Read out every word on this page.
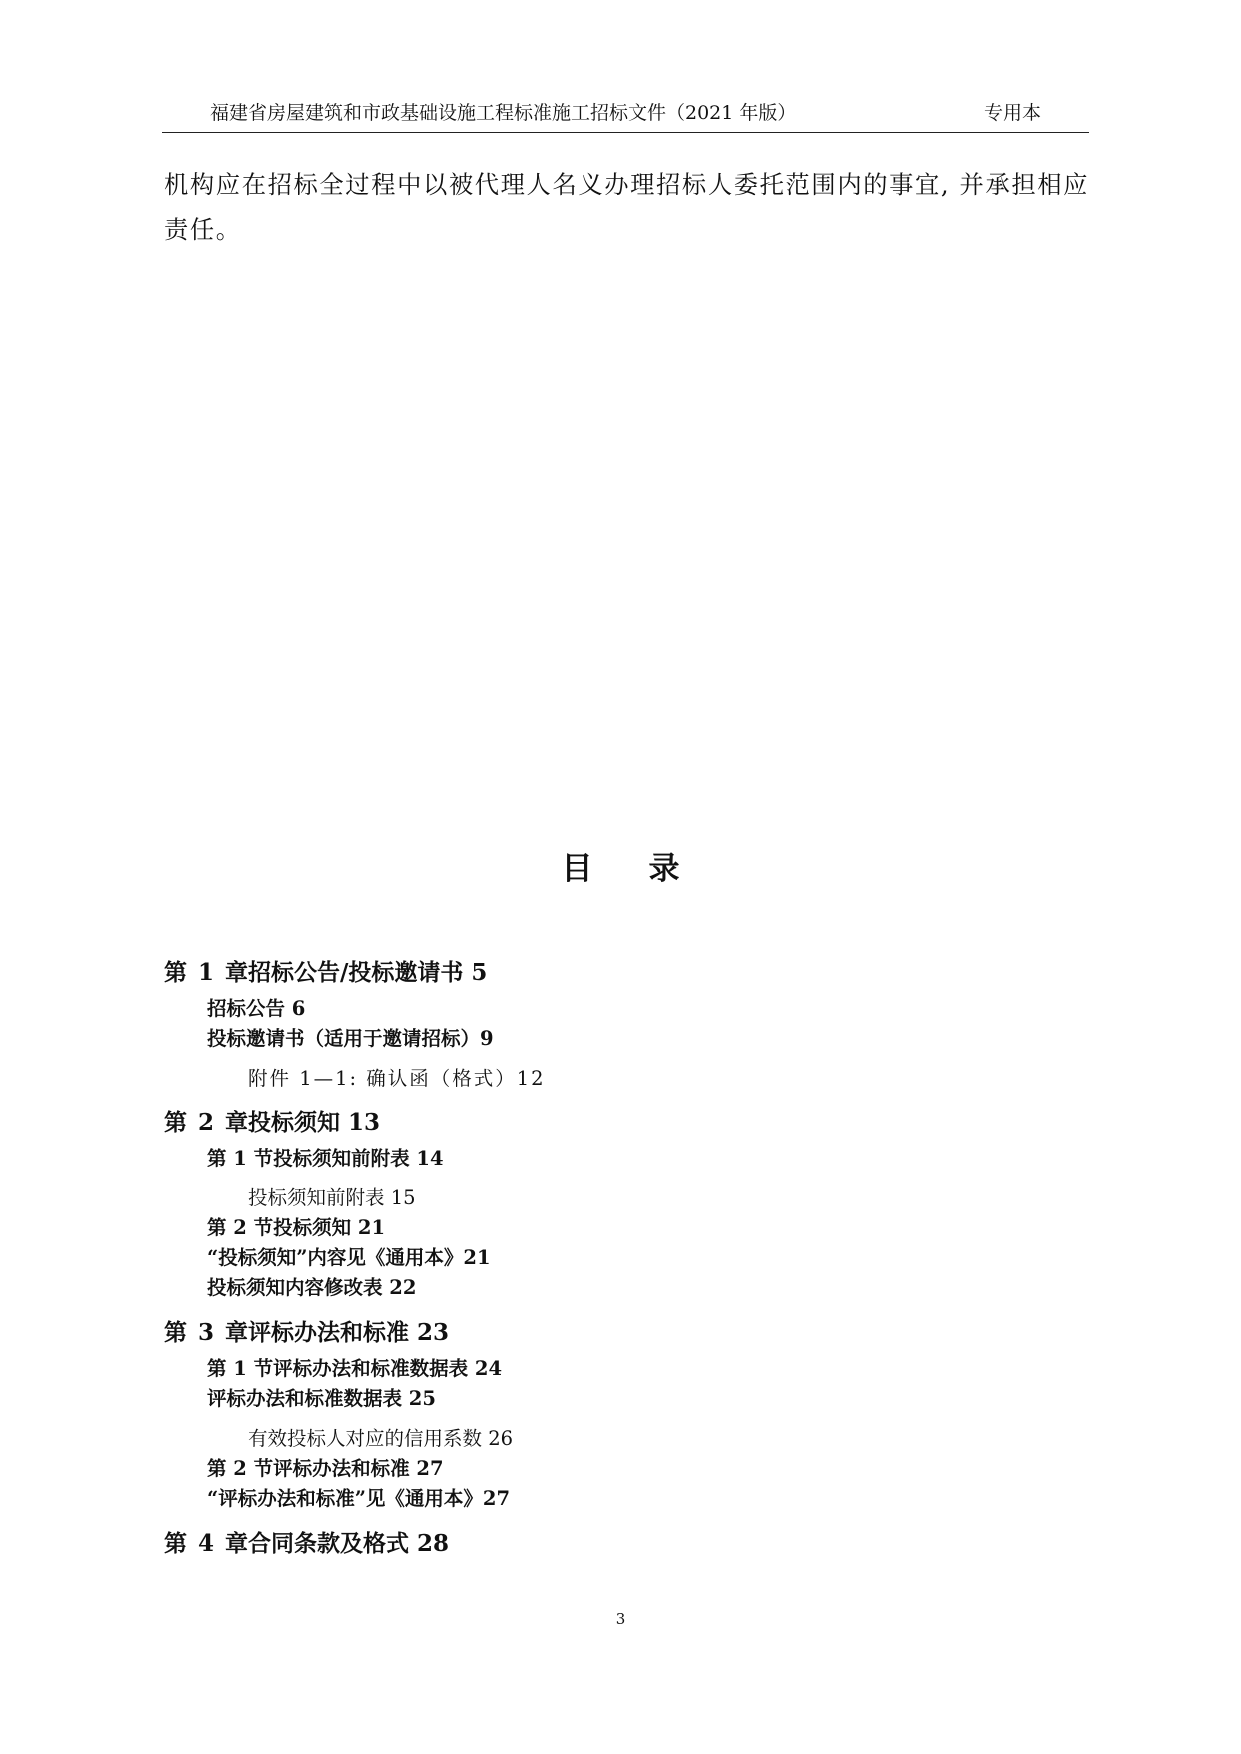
福建省房屋建筑和市政基础设施工程标准施工招标文件（2021 年版）	专用本

机构应在招标全过程中以被代理人名义办理招标人委托范围内的事宜, 并承担相应责任。

目录
第 1 章招标公告/投标邀请书 5
招标公告 6
投标邀请书（适用于邀请招标）9
附件 1—1: 确认函（格式）12
第 2 章投标须知 13
第 1 节投标须知前附表 14
投标须知前附表 15
第 2 节投标须知 21
“投标须知”内容见《通用本》21
投标须知内容修改表 22
第 3 章评标办法和标准 23
第 1 节评标办法和标准数据表 24
评标办法和标准数据表 25
有效投标人对应的信用系数 26
第 2 节评标办法和标准 27
“评标办法和标准”见《通用本》27
第 4 章合同条款及格式 28
3
